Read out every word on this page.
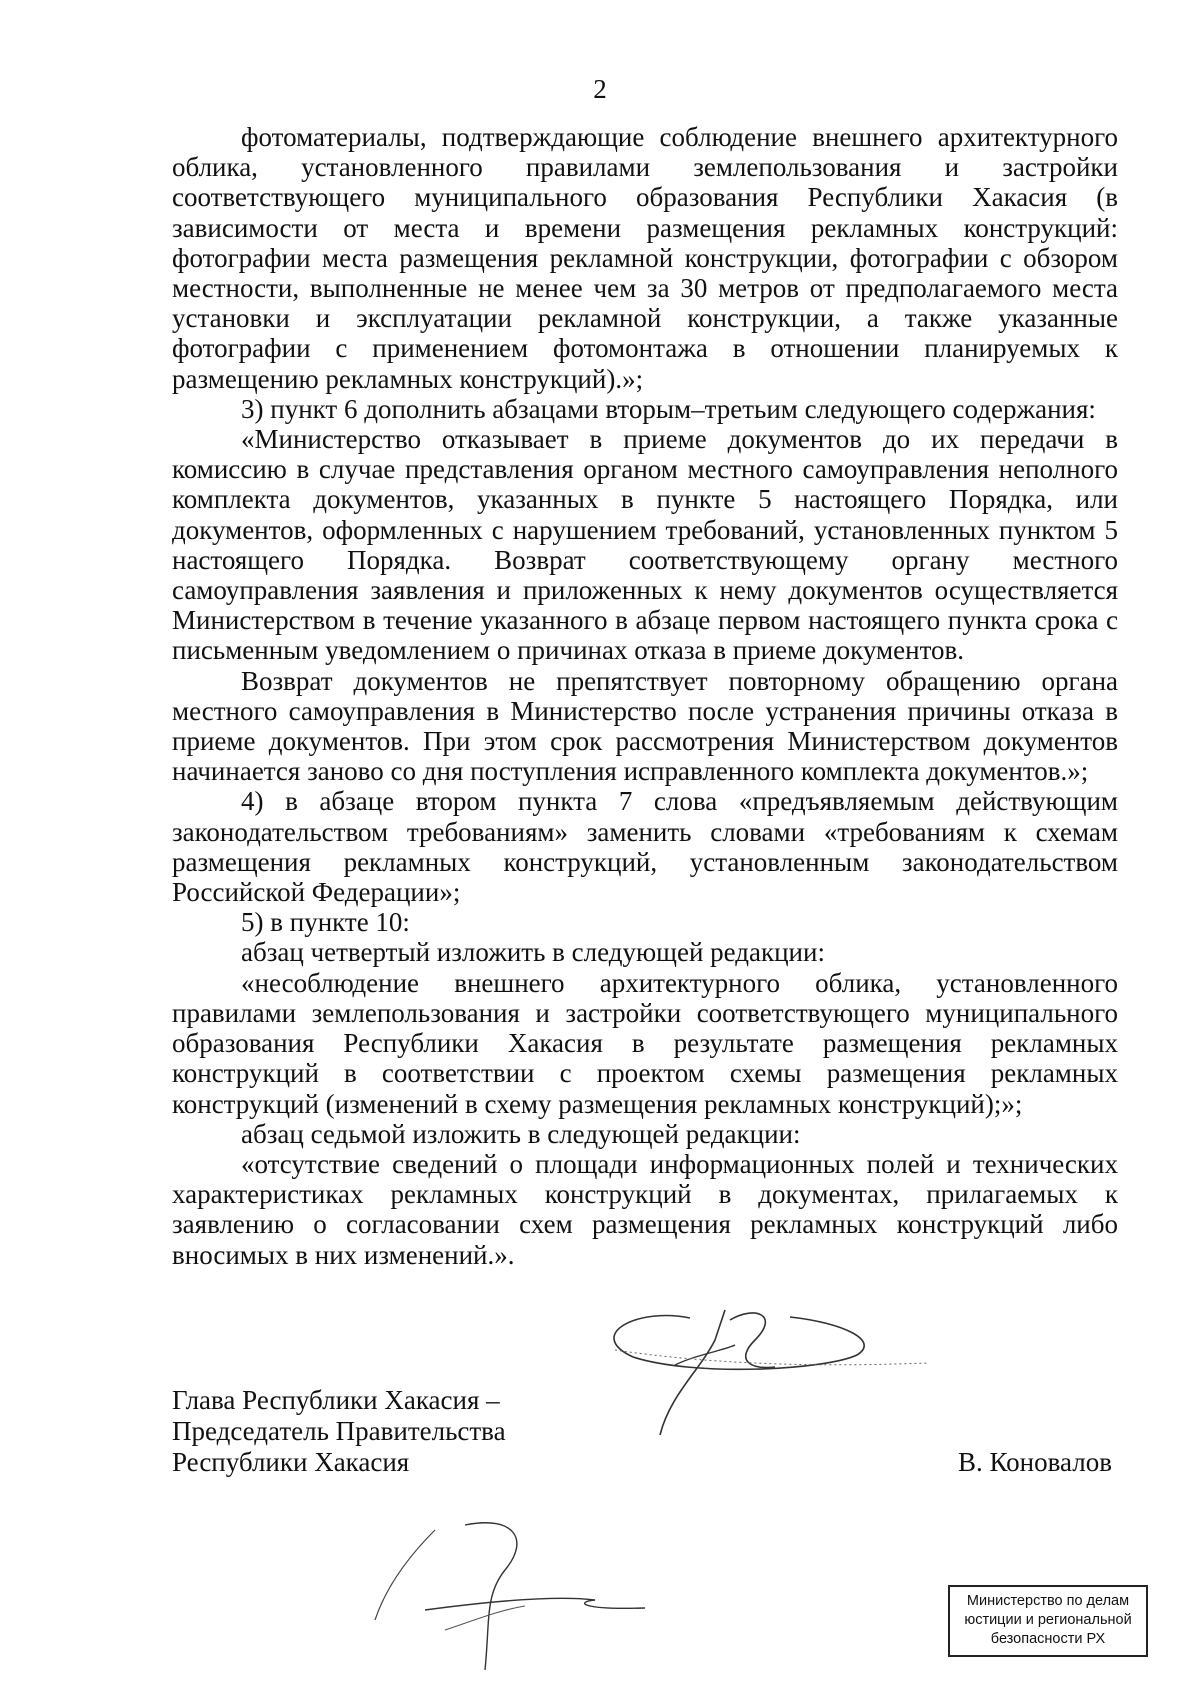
2

фотоматериалы, подтверждающие соблюдение внешнего архитектурного облика, установленного правилами землепользования и застройки соответствующего муниципального образования Республики Хакасия (в зависимости от места и времени размещения рекламных конструкций: фотографии места размещения рекламной конструкции, фотографии с обзором местности, выполненные не менее чем за 30 метров от предполагаемого места установки и эксплуатации рекламной конструкции, а также указанные фотографии с применением фотомонтажа в отношении планируемых к размещению рекламных конструкций).»;

3) пункт 6 дополнить абзацами вторым–третьим следующего содержания:

«Министерство отказывает в приеме документов до их передачи в комиссию в случае представления органом местного самоуправления неполного комплекта документов, указанных в пункте 5 настоящего Порядка, или документов, оформленных с нарушением требований, установленных пунктом 5 настоящего Порядка. Возврат соответствующему органу местного самоуправления заявления и приложенных к нему документов осуществляется Министерством в течение указанного в абзаце первом настоящего пункта срока с письменным уведомлением о причинах отказа в приеме документов.

Возврат документов не препятствует повторному обращению органа местного самоуправления в Министерство после устранения причины отказа в приеме документов. При этом срок рассмотрения Министерством документов начинается заново со дня поступления исправленного комплекта документов.»;

4) в абзаце втором пункта 7 слова «предъявляемым действующим законодательством требованиям» заменить словами «требованиям к схемам размещения рекламных конструкций, установленным законодательством Российской Федерации»;

5) в пункте 10:

абзац четвертый изложить в следующей редакции:

«несоблюдение внешнего архитектурного облика, установленного правилами землепользования и застройки соответствующего муниципального образования Республики Хакасия в результате размещения рекламных конструкций в соответствии с проектом схемы размещения рекламных конструкций (изменений в схему размещения рекламных конструкций);»;

абзац седьмой изложить в следующей редакции:

«отсутствие сведений о площади информационных полей и технических характеристиках рекламных конструкций в документах, прилагаемых к заявлению о согласовании схем размещения рекламных конструкций либо вносимых в них изменений.».

Глава Республики Хакасия –
Председатель Правительства
Республики Хакасия	В. Коновалов
Министерство по делам
юстиции и региональной
безопасности РХ
